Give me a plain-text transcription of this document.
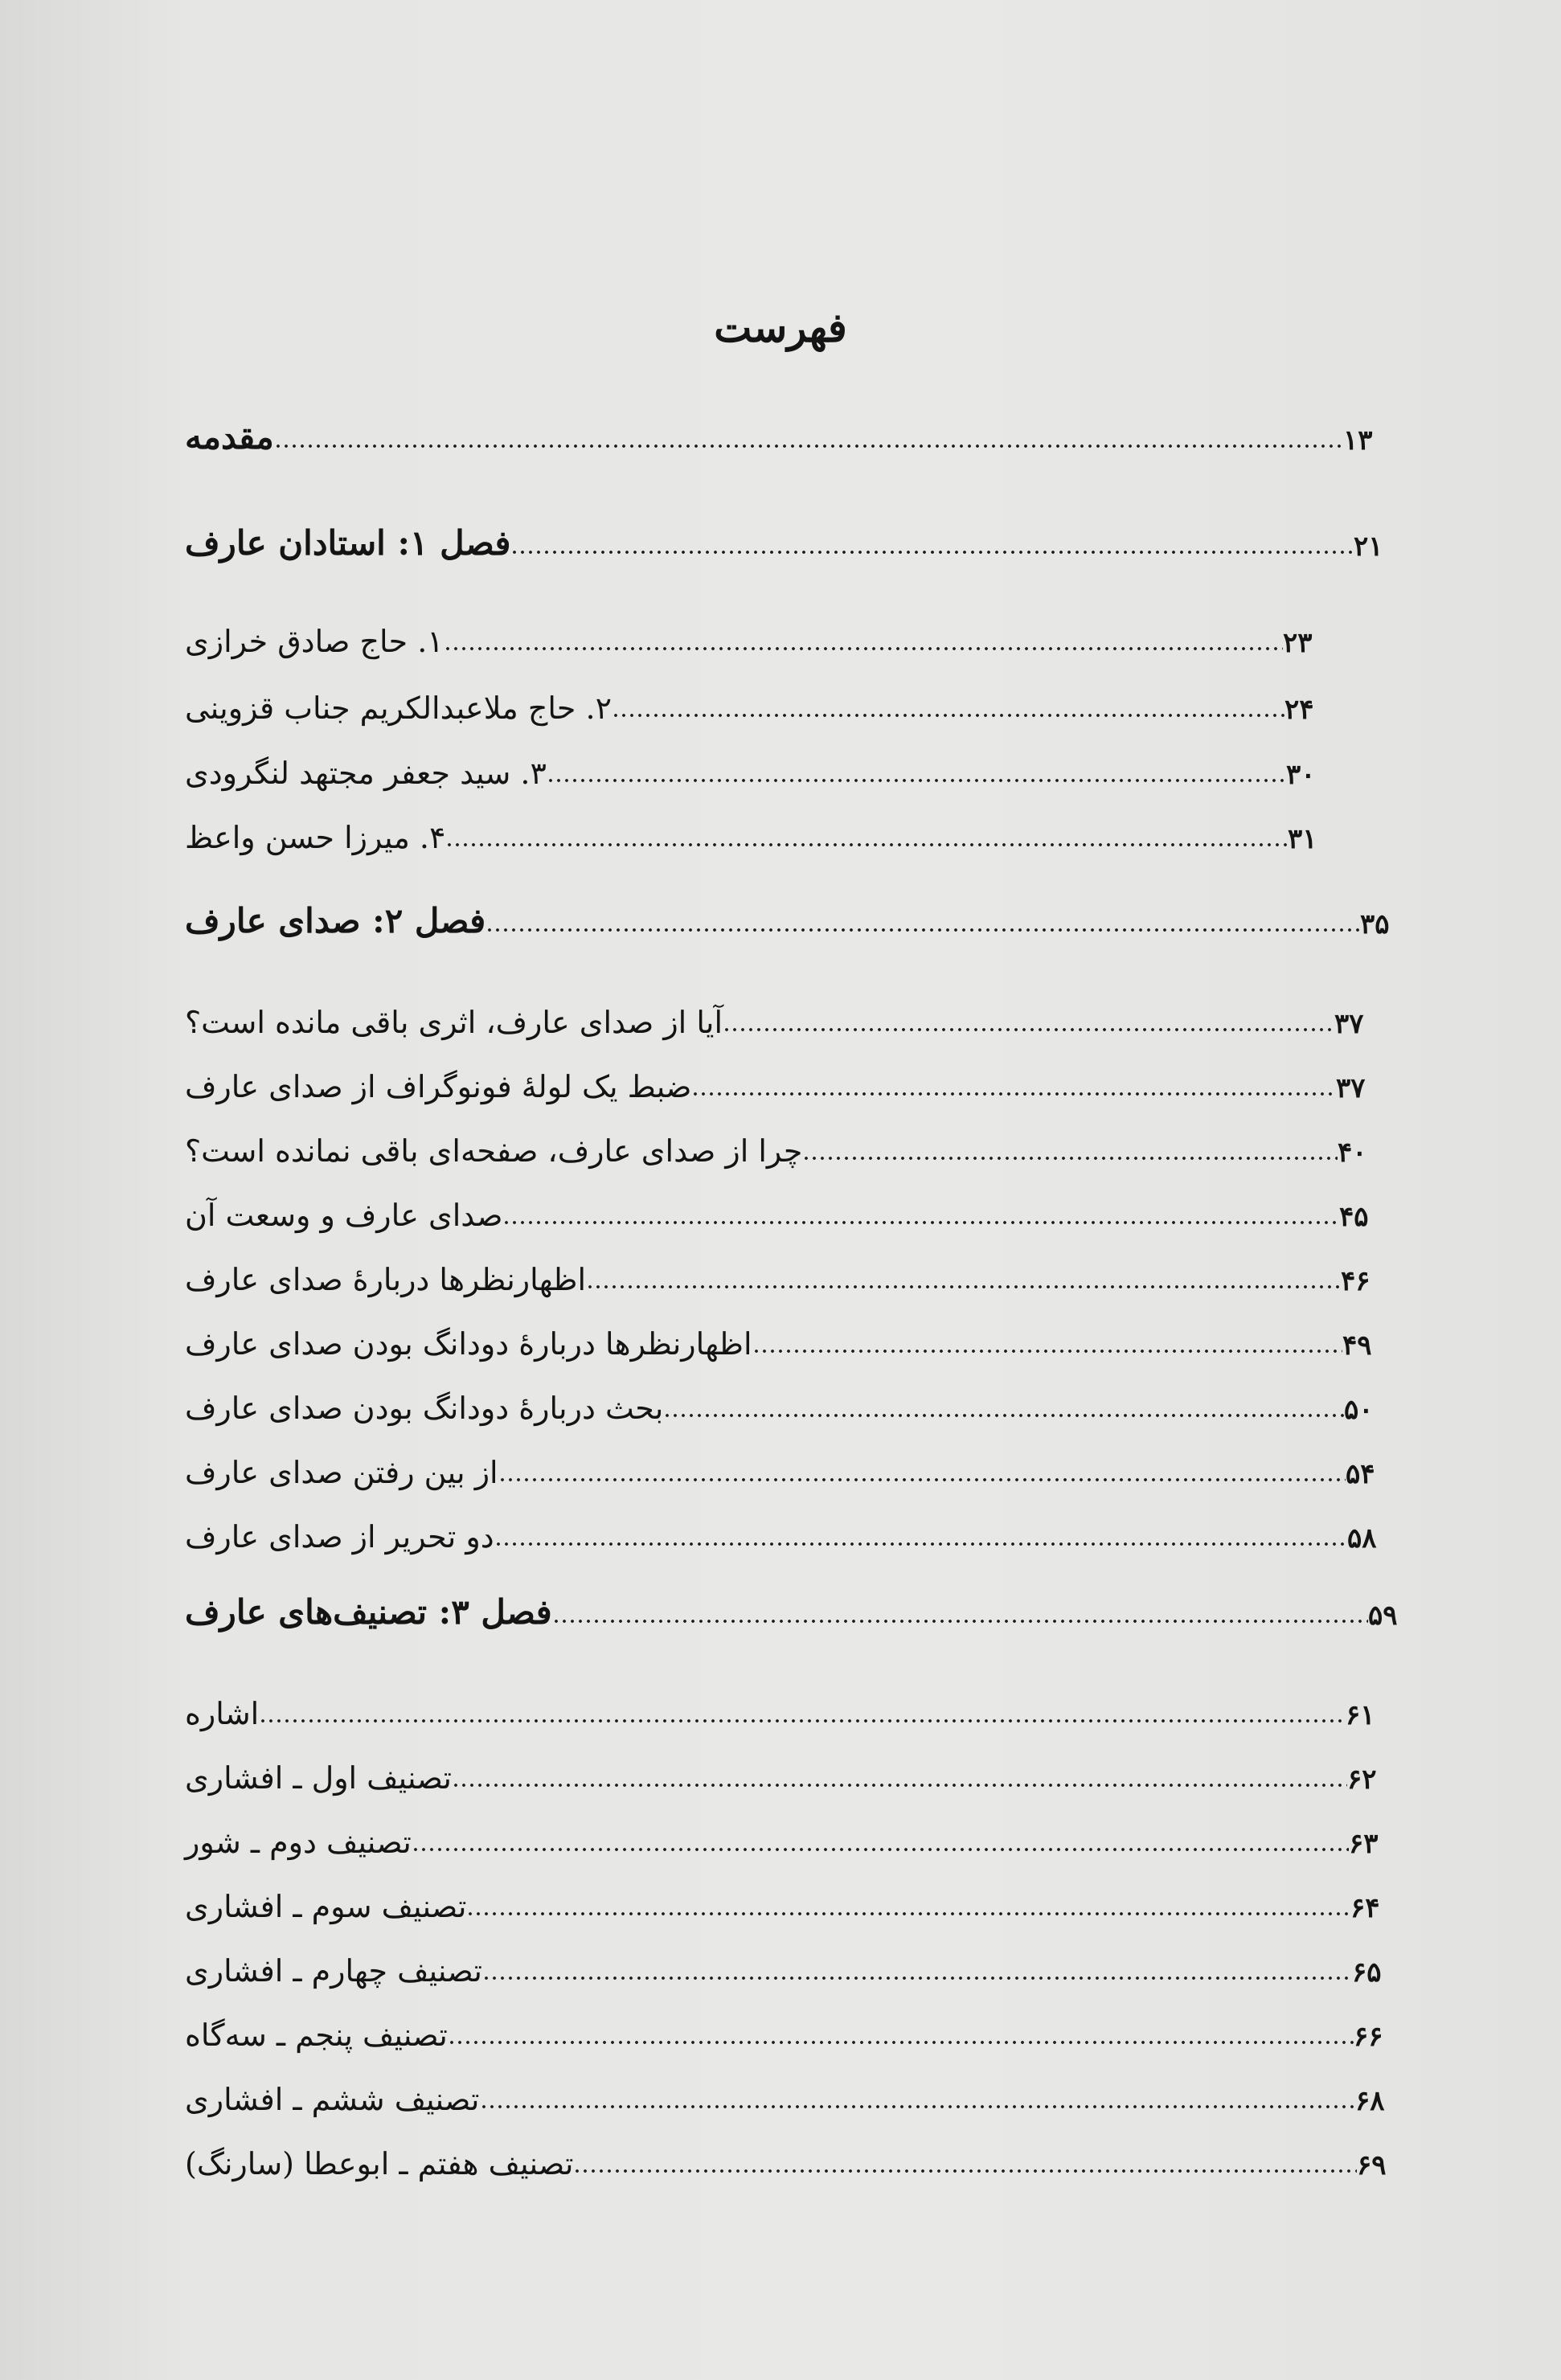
فهرست
مقدمه	۱۳
فصل ۱: استادان عارف	۲۱
۱. حاج صادق خرازی	۲۳
۲. حاج ملاعبدالکریم جناب قزوینی	۲۴
۳. سید جعفر مجتهد لنگرودی	۳۰
۴. میرزا حسن واعظ	۳۱
فصل ۲: صدای عارف	۳۵
آیا از صدای عارف، اثری باقی مانده است؟	۳۷
ضبط یک لولهٔ فونوگراف از صدای عارف	۳۷
چرا از صدای عارف، صفحه‌ای باقی نمانده است؟	۴۰
صدای عارف و وسعت آن	۴۵
اظهارنظرها دربارهٔ صدای عارف	۴۶
اظهارنظرها دربارهٔ دودانگ بودن صدای عارف	۴۹
بحث دربارهٔ دودانگ بودن صدای عارف	۵۰
از بین رفتن صدای عارف	۵۴
دو تحریر از صدای عارف	۵۸
فصل ۳: تصنیف‌های عارف	۵۹
اشاره	۶۱
تصنیف اول ـ افشاری	۶۲
تصنیف دوم ـ شور	۶۳
تصنیف سوم ـ افشاری	۶۴
تصنیف چهارم ـ افشاری	۶۵
تصنیف پنجم ـ سه‌گاه	۶۶
تصنیف ششم ـ افشاری	۶۸
تصنیف هفتم ـ ابوعطا (سارنگ)	۶۹
